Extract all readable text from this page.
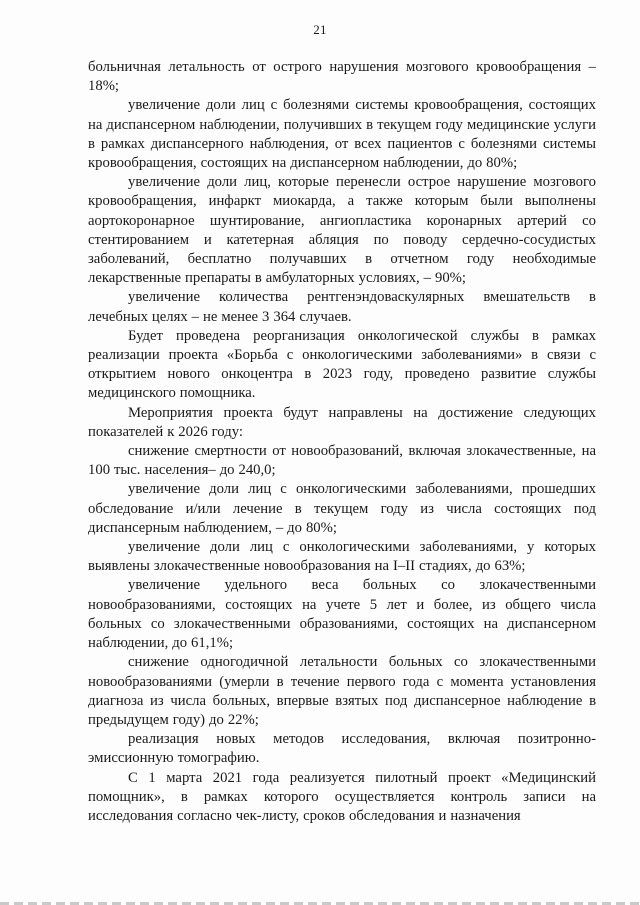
21

больничная летальность от острого нарушения мозгового кровообращения – 18%;

увеличение доли лиц с болезнями системы кровообращения, состоящих на диспансерном наблюдении, получивших в текущем году медицинские услуги в рамках диспансерного наблюдения, от всех пациентов с болезнями системы кровообращения, состоящих на диспансерном наблюдении, до 80%;

увеличение доли лиц, которые перенесли острое нарушение мозгового кровообращения, инфаркт миокарда, а также которым были выполнены аортокоронарное шунтирование, ангиопластика коронарных артерий со стентированием и катетерная абляция по поводу сердечно-сосудистых заболеваний, бесплатно получавших в отчетном году необходимые лекарственные препараты в амбулаторных условиях, – 90%;

увеличение количества рентгенэндоваскулярных вмешательств в лечебных целях – не менее 3 364 случаев.

Будет проведена реорганизация онкологической службы в рамках реализации проекта «Борьба с онкологическими заболеваниями» в связи с открытием нового онкоцентра в 2023 году, проведено развитие службы медицинского помощника.

Мероприятия проекта будут направлены на достижение следующих показателей к 2026 году:

снижение смертности от новообразований, включая злокачественные, на 100 тыс. населения– до 240,0;

увеличение доли лиц с онкологическими заболеваниями, прошедших обследование и/или лечение в текущем году из числа состоящих под диспансерным наблюдением, – до 80%;

увеличение доли лиц с онкологическими заболеваниями, у которых выявлены злокачественные новообразования на I–II стадиях, до 63%;

увеличение удельного веса больных со злокачественными новообразованиями, состоящих на учете 5 лет и более, из общего числа больных со злокачественными образованиями, состоящих на диспансерном наблюдении, до 61,1%;

снижение одногодичной летальности больных со злокачественными новообразованиями (умерли в течение первого года с момента установления диагноза из числа больных, впервые взятых под диспансерное наблюдение в предыдущем году) до 22%;

реализация новых методов исследования, включая позитронно-эмиссионную томографию.

С 1 марта 2021 года реализуется пилотный проект «Медицинский помощник», в рамках которого осуществляется контроль записи на исследования согласно чек-листу, сроков обследования и назначения
